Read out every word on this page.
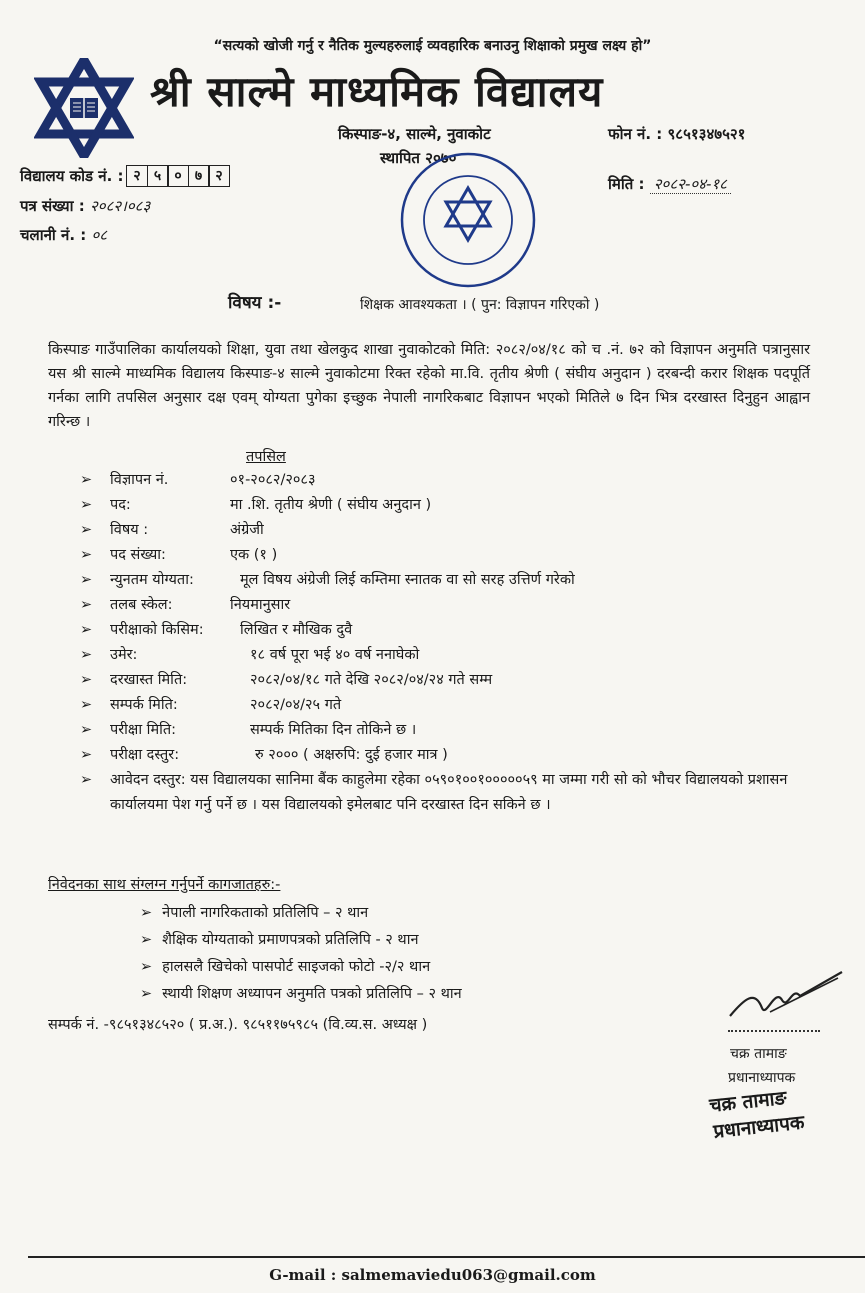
“सत्यको खोजी गर्नु र नैतिक मुल्यहरुलाई व्यवहारिक बनाउनु शिक्षाको प्रमुख लक्ष्य हो”
श्री साल्मे माध्यमिक विद्यालय
किस्पाङ-४, साल्मे, नुवाकोट	फोन नं. : ९८५१३४७५२१
स्थापित २०७०
मिति : २०८२-०४-१८
विद्यालय कोड नं. : २ ५ ० ७ २
पत्र संख्या : २०८२।०८३
चलानी नं. : ०८
विषय :-	शिक्षक आवश्यकता । ( पुन: विज्ञापन गरिएको )
किस्पाङ गाउँपालिका कार्यालयको शिक्षा, युवा तथा खेलकुद शाखा नुवाकोटको मिति: २०८२/०४/१८ को च .नं. ७२ को विज्ञापन अनुमति पत्रानुसार यस श्री साल्मे माध्यमिक विद्यालय किस्पाङ-४ साल्मे नुवाकोटमा रिक्त रहेको मा.वि. तृतीय श्रेणी ( संघीय अनुदान ) दरबन्दी करार शिक्षक पदपूर्ति गर्नका लागि तपसिल अनुसार दक्ष एवम् योग्यता पुगेका इच्छुक नेपाली नागरिकबाट विज्ञापन भएको मितिले ७ दिन भित्र दरखास्त दिनुहुन आह्वान गरिन्छ ।
तपसिल
➢ विज्ञापन नं.	०१-२०८२/२०८३
➢ पद:	मा .शि. तृतीय श्रेणी ( संघीय अनुदान )
➢ विषय :	अंग्रेजी
➢ पद संख्या:	एक (१ )
➢ न्युनतम योग्यता:	मूल विषय अंग्रेजी लिई कम्तिमा स्नातक वा सो सरह उत्तिर्ण गरेको
➢ तलब स्केल:	नियमानुसार
➢ परीक्षाको किसिम:	लिखित र मौखिक दुवै
➢ उमेर:	१८ वर्ष पूरा भई ४० वर्ष ननाघेको
➢ दरखास्त मिति:	२०८२/०४/१८ गते देखि २०८२/०४/२४ गते सम्म
➢ सम्पर्क मिति:	२०८२/०४/२५ गते
➢ परीक्षा मिति:	सम्पर्क मितिका दिन तोकिने छ ।
➢ परीक्षा दस्तुर:	रु २००० ( अक्षरुपि: दुई हजार मात्र )
➢ आवेदन दस्तुर: यस विद्यालयका सानिमा बैंक काहुलेमा रहेका ०५९०१००१०००००५९ मा जम्मा गरी सो को भौचर विद्यालयको प्रशासन कार्यालयमा पेश गर्नु पर्ने छ । यस विद्यालयको इमेलबाट पनि दरखास्त दिन सकिने छ ।
निवेदनका साथ संग्लग्न गर्नुपर्ने कागजातहरु:-
➢ नेपाली नागरिकताको प्रतिलिपि – २ थान
➢ शैक्षिक योग्यताको प्रमाणपत्रको प्रतिलिपि - २ थान
➢ हालसलै खिचेको पासपोर्ट साइजको फोटो -२/२ थान
➢ स्थायी शिक्षण अध्यापन अनुमति पत्रको प्रतिलिपि – २ थान
सम्पर्क नं. -९८५१३४८५२० ( प्र.अ.). ९८५११७५९८५ (वि.व्य.स. अध्यक्ष )
चक्र तामाङ
प्रधानाध्यापक
चक्र तामाङ
प्रधानाध्यापक
G-mail : salmemaviedu063@gmail.com
